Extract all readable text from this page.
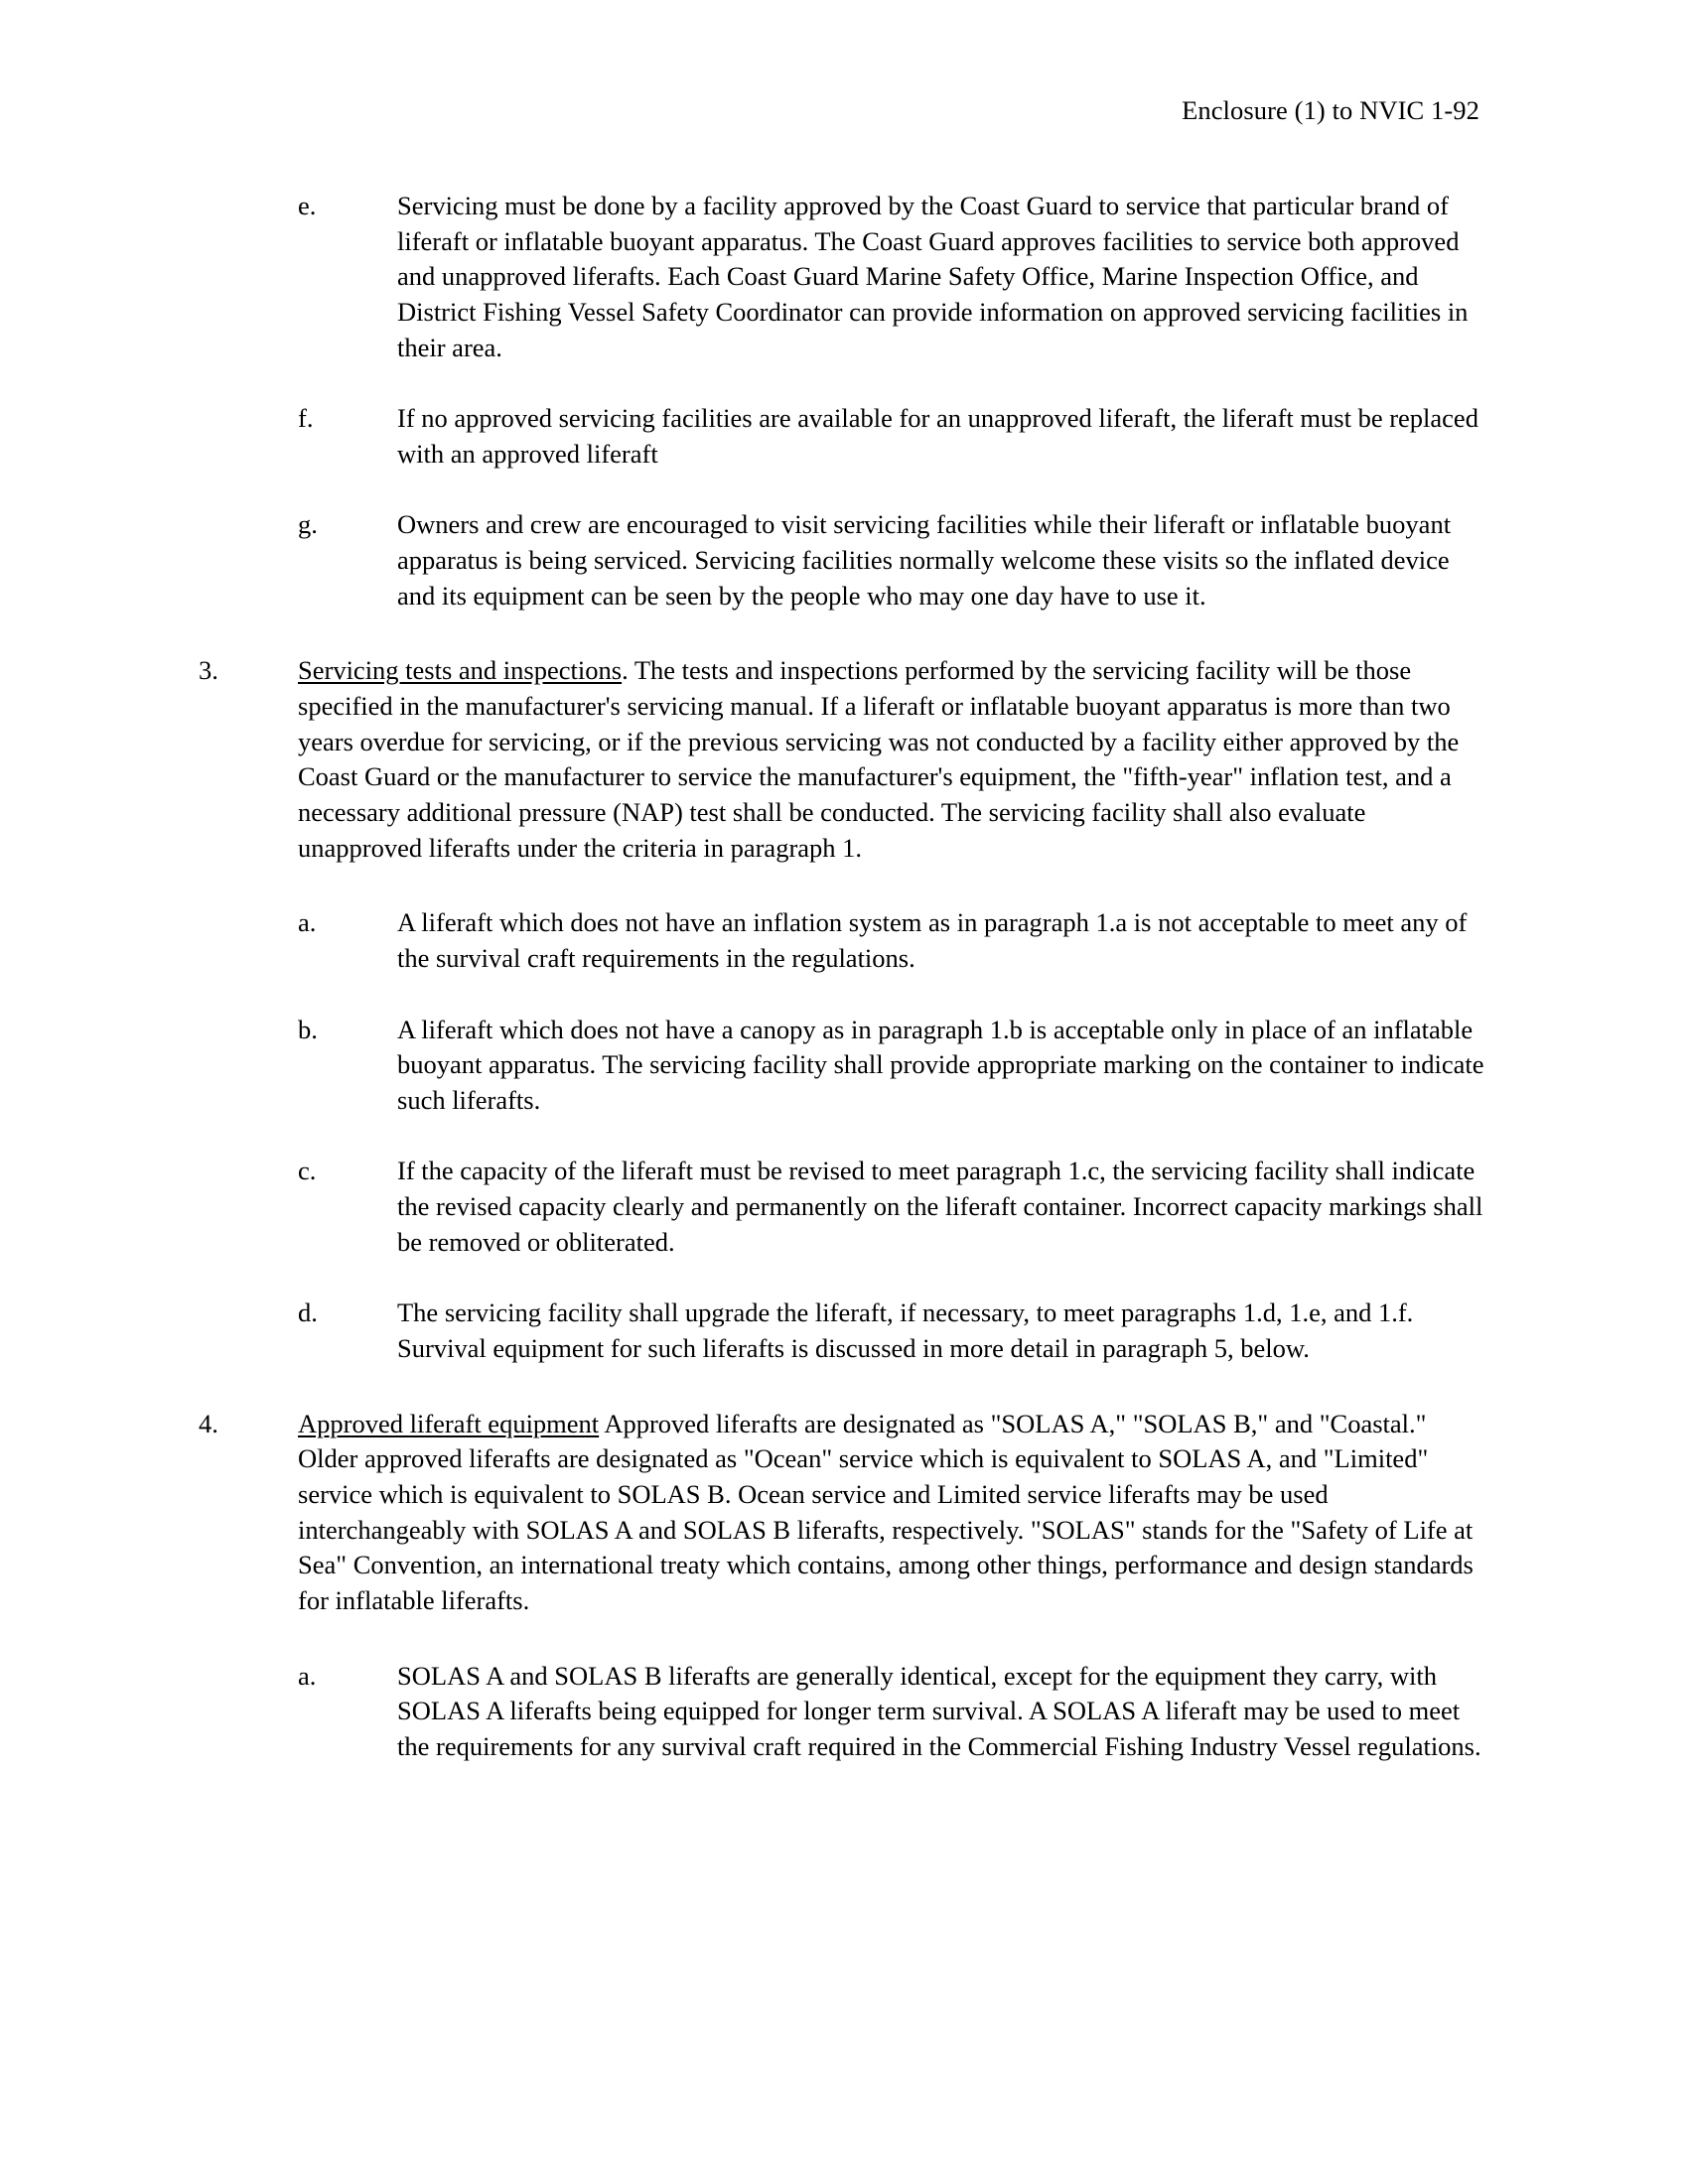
Enclosure (1) to NVIC 1-92
e.	Servicing must be done by a facility approved by the Coast Guard to service that particular brand of liferaft or inflatable buoyant apparatus. The Coast Guard approves facilities to service both approved and unapproved liferafts. Each Coast Guard Marine Safety Office, Marine Inspection Office, and District Fishing Vessel Safety Coordinator can provide information on approved servicing facilities in their area.
f.	If no approved servicing facilities are available for an unapproved liferaft, the liferaft must be replaced with an approved liferaft
g.	Owners and crew are encouraged to visit servicing facilities while their liferaft or inflatable buoyant apparatus is being serviced. Servicing facilities normally welcome these visits so the inflated device and its equipment can be seen by the people who may one day have to use it.
3.	Servicing tests and inspections. The tests and inspections performed by the servicing facility will be those specified in the manufacturer's servicing manual. If a liferaft or inflatable buoyant apparatus is more than two years overdue for servicing, or if the previous servicing was not conducted by a facility either approved by the Coast Guard or the manufacturer to service the manufacturer's equipment, the "fifth-year" inflation test, and a necessary additional pressure (NAP) test shall be conducted. The servicing facility shall also evaluate unapproved liferafts under the criteria in paragraph 1.
a.	A liferaft which does not have an inflation system as in paragraph 1.a is not acceptable to meet any of the survival craft requirements in the regulations.
b.	A liferaft which does not have a canopy as in paragraph 1.b is acceptable only in place of an inflatable buoyant apparatus. The servicing facility shall provide appropriate marking on the container to indicate such liferafts.
c.	If the capacity of the liferaft must be revised to meet paragraph 1.c, the servicing facility shall indicate the revised capacity clearly and permanently on the liferaft container. Incorrect capacity markings shall be removed or obliterated.
d.	The servicing facility shall upgrade the liferaft, if necessary, to meet paragraphs 1.d, 1.e, and 1.f. Survival equipment for such liferafts is discussed in more detail in paragraph 5, below.
4.	Approved liferaft equipment Approved liferafts are designated as "SOLAS A," "SOLAS B," and "Coastal." Older approved liferafts are designated as "Ocean" service which is equivalent to SOLAS A, and "Limited" service which is equivalent to SOLAS B. Ocean service and Limited service liferafts may be used interchangeably with SOLAS A and SOLAS B liferafts, respectively. "SOLAS" stands for the "Safety of Life at Sea" Convention, an international treaty which contains, among other things, performance and design standards for inflatable liferafts.
a.	SOLAS A and SOLAS B liferafts are generally identical, except for the equipment they carry, with SOLAS A liferafts being equipped for longer term survival. A SOLAS A liferaft may be used to meet the requirements for any survival craft required in the Commercial Fishing Industry Vessel regulations.
